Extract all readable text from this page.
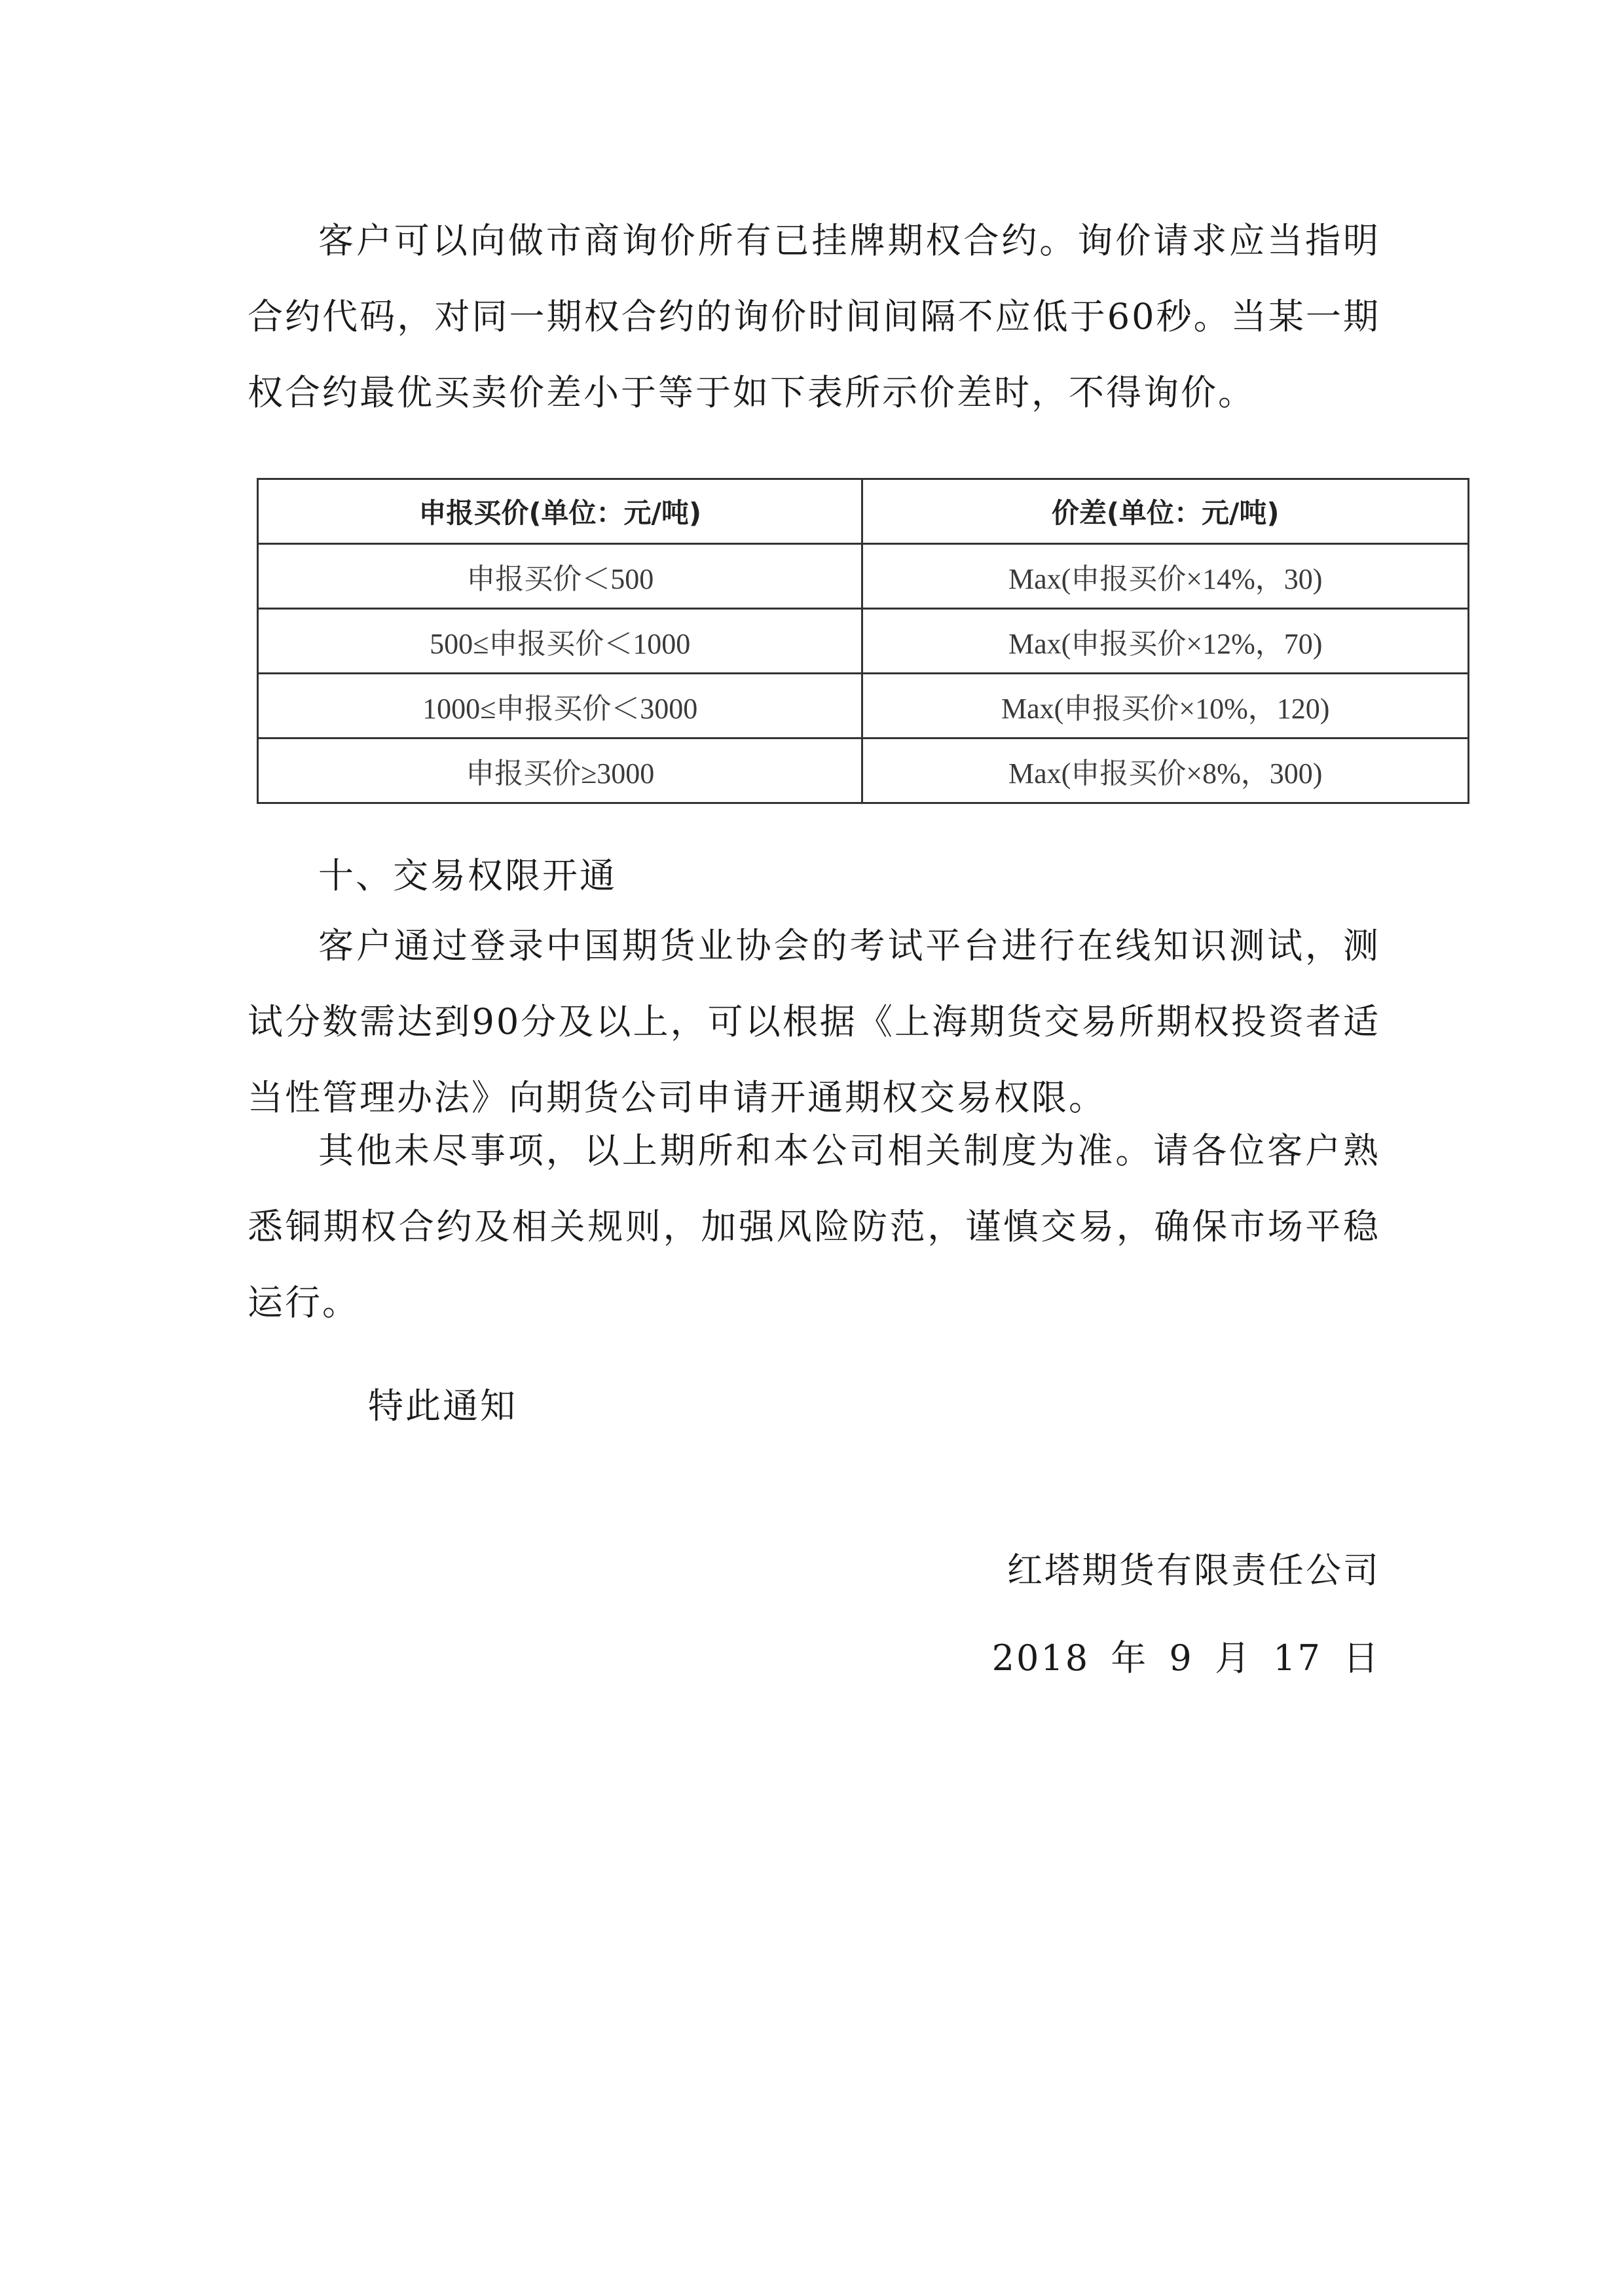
客户可以向做市商询价所有已挂牌期权合约。询价请求应当指明合约代码，对同一期权合约的询价时间间隔不应低于60秒。当某一期权合约最优买卖价差小于等于如下表所示价差时，不得询价。

申报买价(单位：元/吨)	价差(单位：元/吨)
申报买价＜500	Max(申报买价×14%，30)
500≤申报买价＜1000	Max(申报买价×12%，70)
1000≤申报买价＜3000	Max(申报买价×10%，120)
申报买价≥3000	Max(申报买价×8%，300)

十、交易权限开通

客户通过登录中国期货业协会的考试平台进行在线知识测试，测试分数需达到90分及以上，可以根据《上海期货交易所期权投资者适当性管理办法》向期货公司申请开通期权交易权限。

其他未尽事项，以上期所和本公司相关制度为准。请各位客户熟悉铜期权合约及相关规则，加强风险防范，谨慎交易，确保市场平稳运行。

特此通知

红塔期货有限责任公司

2018 年 9 月 17 日
